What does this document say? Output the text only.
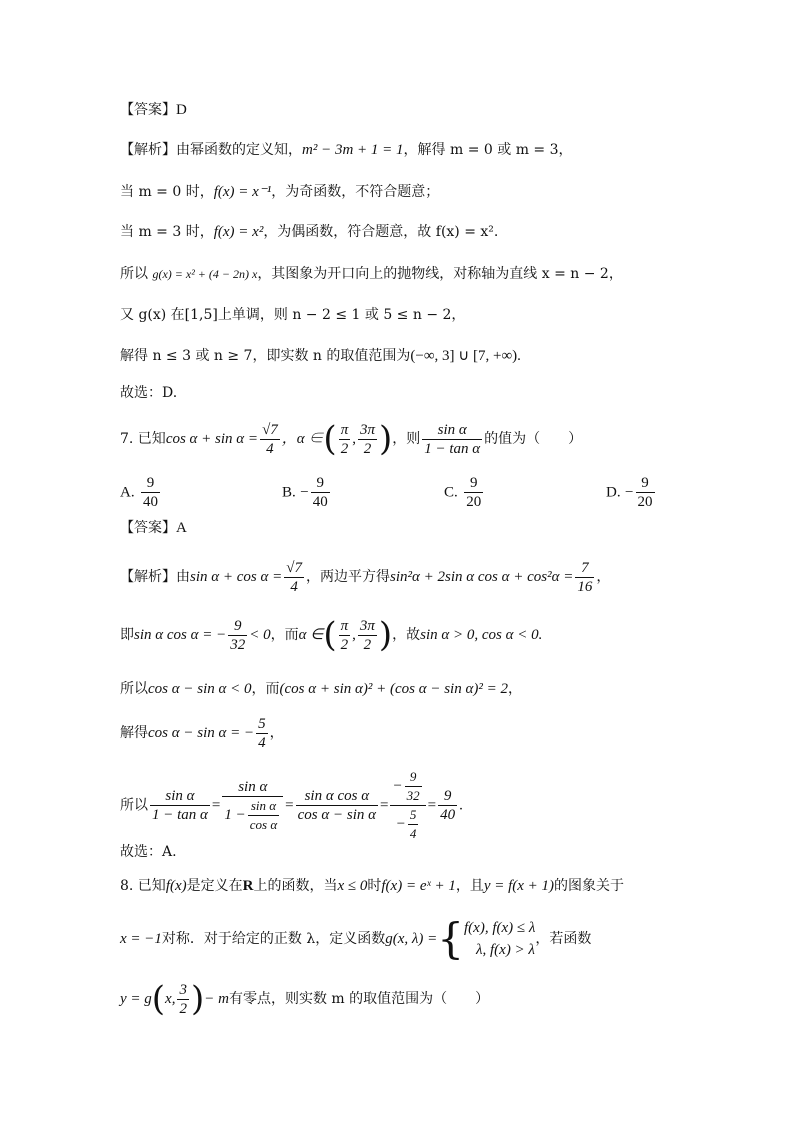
【答案】D
【解析】由幂函数的定义知，m² − 3m + 1 = 1，解得 m = 0 或 m = 3，
当 m = 0 时，f(x) = x⁻¹，为奇函数，不符合题意；
当 m = 3 时，f(x) = x²，为偶函数，符合题意，故 f(x) = x².
所以 g(x) = x² + (4 − 2n) x，其图象为开口向上的抛物线，对称轴为直线 x = n − 2，
又 g(x) 在[1,5]上单调，则 n − 2 ≤ 1 或 5 ≤ n − 2，
解得 n ≤ 3 或 n ≥ 7，即实数 n 的取值范围为(−∞, 3] ∪ [7, +∞).
故选：D.
7. 已知$\cos \alpha + \sin \alpha = \frac{√7}{4}$ ，α ∈( $\frac{\pi}{2}$ , $\frac{3\pi}{2}$ )，则 $\frac{\text{sin α}}{\text{1 − tan α}}$ 的值为（　　）
A. $\frac{9}{40}$	B. − $\frac{9}{40}$	C. $\frac{9}{20}$	D. − $\frac{9}{20}$
【答案】A
【解析】由$\sin \alpha + \cos \alpha = \frac{√7}{4}$ ，两边平方得sin²α + 2sin α $\cos \alpha + \cos^2\alpha = \frac{7}{16}$ ，
即sin α cos α = − $\frac{9}{32} < 0$，而α ∈( $\frac{\pi}{2}$ , $\frac{3\pi}{2}$ )，故sin α > 0, cos α < 0.
所以cos α − sin α < 0，而(cos α + sin α)² + (cos α − sin α)² = 2，
解得cos α − sin α = − $\frac{5}{4}$ ，
所以 $\frac{\text{sin α}}{\text{1 − tan α}} = \frac{\text{sin α}}{1 - \frac{\text{sin α}}{\text{cos α}}} = \frac{\text{sin α cos α}}{\text{cos α − sin α}} = \frac{- \frac{9}{32}}{- \frac{5}{4}} = \frac{9}{40}$ .
故选：A.
8. 已知f(x)是定义在R上的函数，当x ≤ 0时f(x) = eˣ + 1，且y = f(x + 1)的图象关于
x = −1对称．对于给定的正数 λ，定义函数g(x, λ) ={ f(x), f(x) ≤ λ
λ, f(x) > λ
，若函数
y = g(x, $\frac{3}{2}$ )− m有零点，则实数 m 的取值范围为（　　）
